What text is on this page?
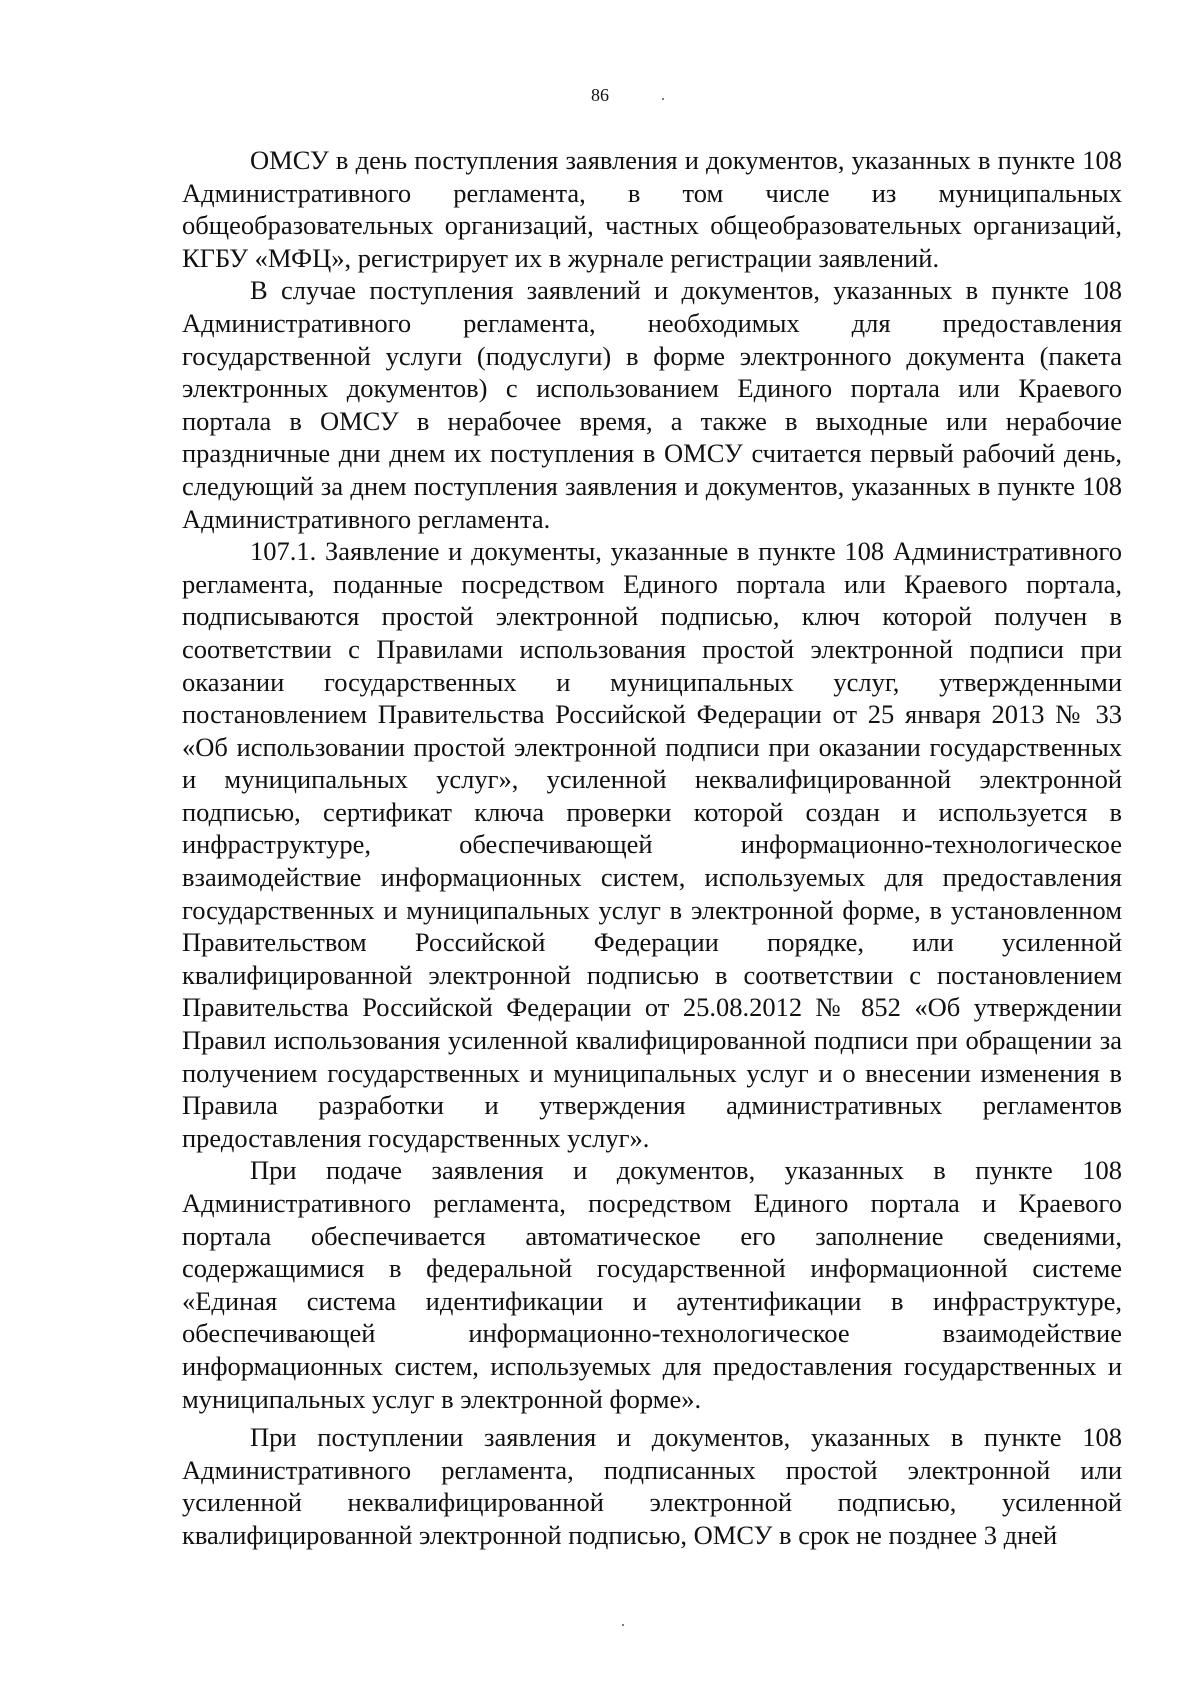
86

ОМСУ в день поступления заявления и документов, указанных в пункте 108 Административного регламента, в том числе из муниципальных общеобразовательных организаций, частных общеобразовательных организаций, КГБУ «МФЦ», регистрирует их в журнале регистрации заявлений.

В случае поступления заявлений и документов, указанных в пункте 108 Административного регламента, необходимых для предоставления государственной услуги (подуслуги) в форме электронного документа (пакета электронных документов) с использованием Единого портала или Краевого портала в ОМСУ в нерабочее время, а также в выходные или нерабочие праздничные дни днем их поступления в ОМСУ считается первый рабочий день, следующий за днем поступления заявления и документов, указанных в пункте 108 Административного регламента.

107.1. Заявление и документы, указанные в пункте 108 Административного регламента, поданные посредством Единого портала или Краевого портала, подписываются простой электронной подписью, ключ которой получен в соответствии с Правилами использования простой электронной подписи при оказании государственных и муниципальных услуг, утвержденными постановлением Правительства Российской Федерации от 25 января 2013 № 33 «Об использовании простой электронной подписи при оказании государственных и муниципальных услуг», усиленной неквалифицированной электронной подписью, сертификат ключа проверки которой создан и используется в инфраструктуре, обеспечивающей информационно-технологическое взаимодействие информационных систем, используемых для предоставления государственных и муниципальных услуг в электронной форме, в установленном Правительством Российской Федерации порядке, или усиленной квалифицированной электронной подписью в соответствии с постановлением Правительства Российской Федерации от 25.08.2012 № 852 «Об утверждении Правил использования усиленной квалифицированной подписи при обращении за получением государственных и муниципальных услуг и о внесении изменения в Правила разработки и утверждения административных регламентов предоставления государственных услуг».

При подаче заявления и документов, указанных в пункте 108 Административного регламента, посредством Единого портала и Краевого портала обеспечивается автоматическое его заполнение сведениями, содержащимися в федеральной государственной информационной системе «Единая система идентификации и аутентификации в инфраструктуре, обеспечивающей информационно-технологическое взаимодействие информационных систем, используемых для предоставления государственных и муниципальных услуг в электронной форме».

При поступлении заявления и документов, указанных в пункте 108 Административного регламента, подписанных простой электронной или усиленной неквалифицированной электронной подписью, усиленной квалифицированной электронной подписью, ОМСУ в срок не позднее 3 дней
